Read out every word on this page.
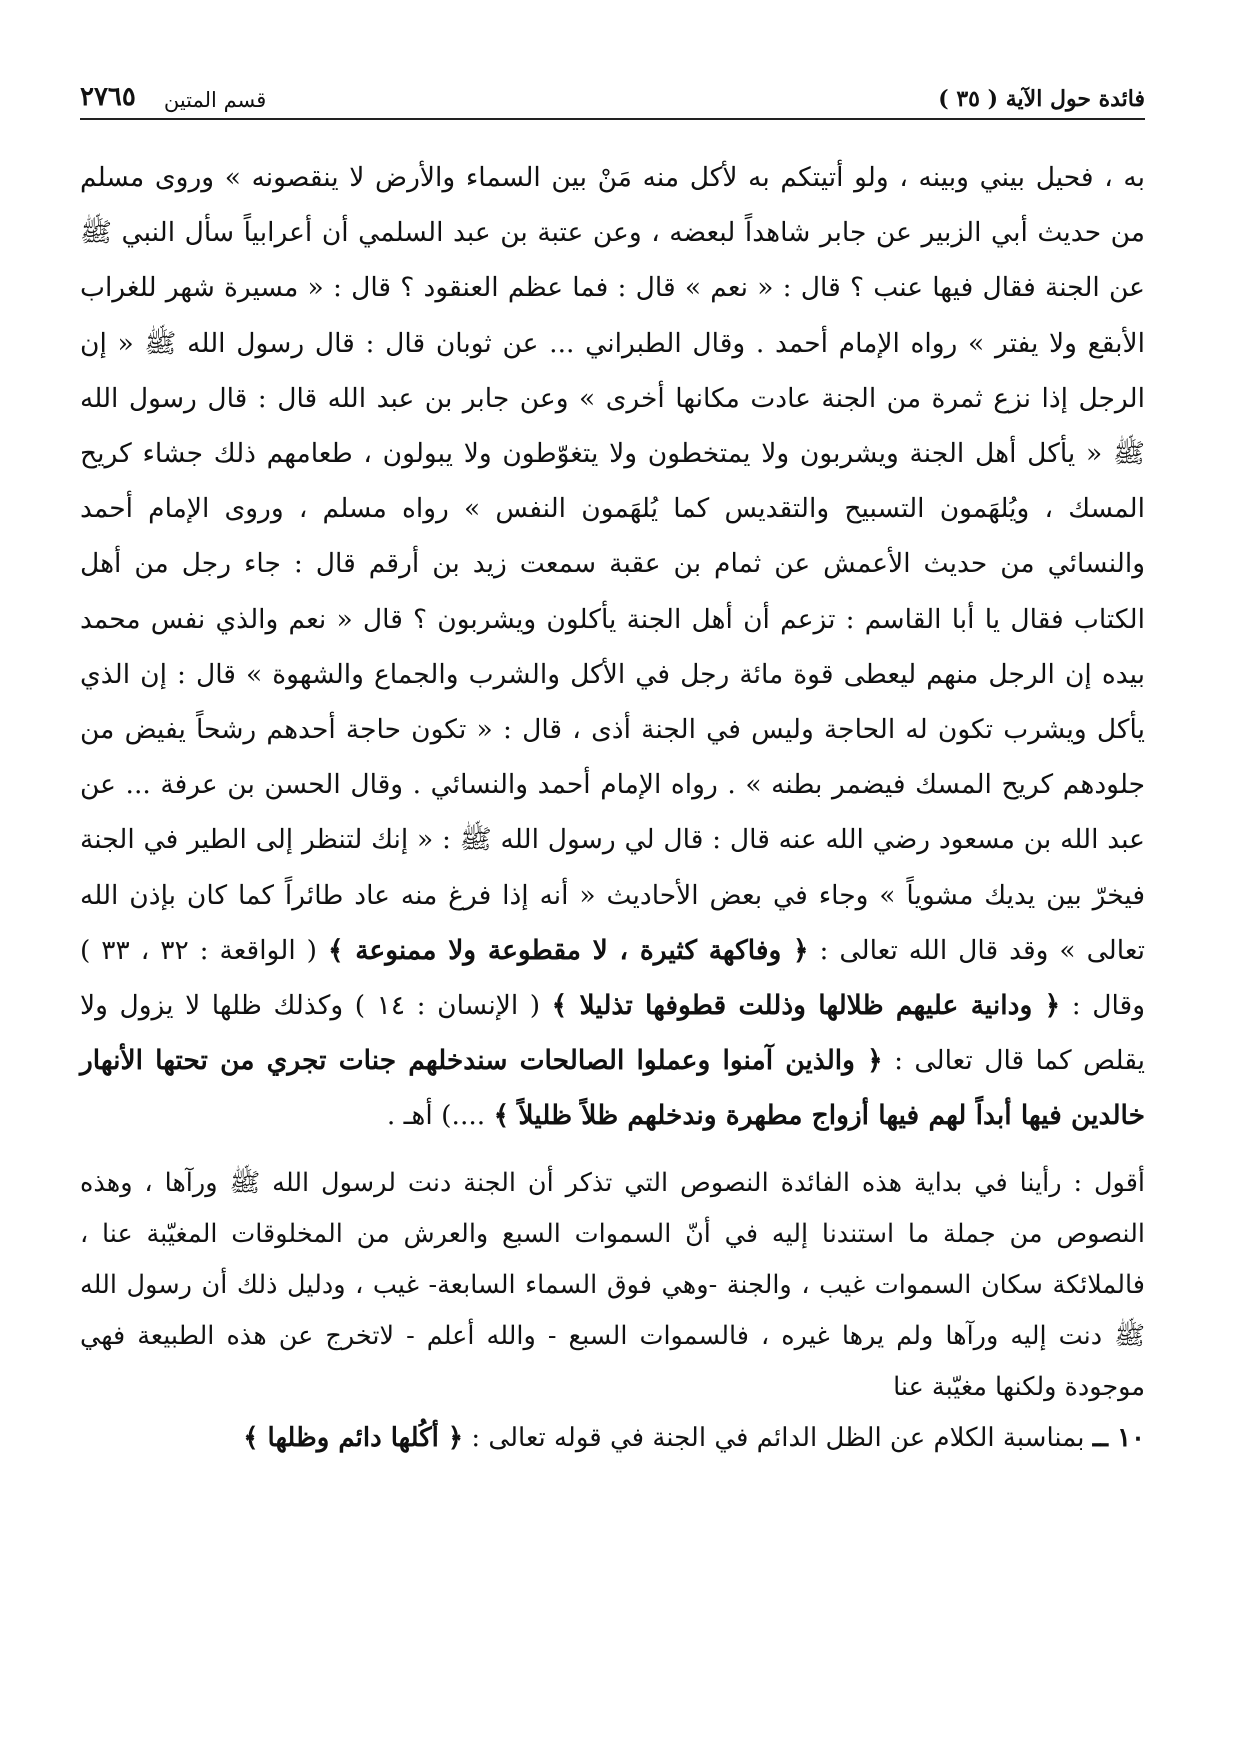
فائدة حول الآية ( ٣٥ )
٢٧٦٥ قسم المتين

به ، فحيل بيني وبينه ، ولو أتيتكم به لأكل منه مَنْ بين السماء والأرض لا ينقصونه » وروى مسلم من حديث أبي الزبير عن جابر شاهداً لبعضه ، وعن عتبة بن عبد السلمي أن أعرابياً سأل النبي ﷺ عن الجنة فقال فيها عنب ؟ قال : « نعم » قال : فما عظم العنقود ؟ قال : « مسيرة شهر للغراب الأبقع ولا يفتر » رواه الإمام أحمد . وقال الطبراني ... عن ثوبان قال : قال رسول الله ﷺ « إن الرجل إذا نزع ثمرة من الجنة عادت مكانها أخرى » وعن جابر بن عبد الله قال : قال رسول الله ﷺ « يأكل أهل الجنة ويشربون ولا يمتخطون ولا يتغوّطون ولا يبولون ، طعامهم ذلك جشاء كريح المسك ، ويُلهَمون التسبيح والتقديس كما يُلهَمون النفس » رواه مسلم ، وروى الإمام أحمد والنسائي من حديث الأعمش عن ثمام بن عقبة سمعت زيد بن أرقم قال : جاء رجل من أهل الكتاب فقال يا أبا القاسم : تزعم أن أهل الجنة يأكلون ويشربون ؟ قال « نعم والذي نفس محمد بيده إن الرجل منهم ليعطى قوة مائة رجل في الأكل والشرب والجماع والشهوة » قال : إن الذي يأكل ويشرب تكون له الحاجة وليس في الجنة أذى ، قال : « تكون حاجة أحدهم رشحاً يفيض من جلودهم كريح المسك فيضمر بطنه » . رواه الإمام أحمد والنسائي . وقال الحسن بن عرفة ... عن عبد الله بن مسعود رضي الله عنه قال : قال لي رسول الله ﷺ : « إنك لتنظر إلى الطير في الجنة فيخرّ بين يديك مشوياً » وجاء في بعض الأحاديث « أنه إذا فرغ منه عاد طائراً كما كان بإذن الله تعالى » وقد قال الله تعالى : ﴿ وفاكهة كثيرة ، لا مقطوعة ولا ممنوعة ﴾ ( الواقعة : ٣٢ ، ٣٣ ) وقال : ﴿ ودانية عليهم ظلالها وذللت قطوفها تذليلا ﴾ ( الإنسان : ١٤ ) وكذلك ظلها لا يزول ولا يقلص كما قال تعالى : ﴿ والذين آمنوا وعملوا الصالحات سندخلهم جنات تجري من تحتها الأنهار خالدين فيها أبداً لهم فيها أزواج مطهرة وندخلهم ظلاً ظليلاً ﴾ ....) أهـ .

أقول : رأينا في بداية هذه الفائدة النصوص التي تذكر أن الجنة دنت لرسول الله ﷺ ورآها ، وهذه النصوص من جملة ما استندنا إليه في أنّ السموات السبع والعرش من المخلوقات المغيّبة عنا ، فالملائكة سكان السموات غيب ، والجنة -وهي فوق السماء السابعة- غيب ، ودليل ذلك أن رسول الله ﷺ دنت إليه ورآها ولم يرها غيره ، فالسموات السبع - والله أعلم - لاتخرج عن هذه الطبيعة فهي موجودة ولكنها مغيّبة عنا

١٠ ــ بمناسبة الكلام عن الظل الدائم في الجنة في قوله تعالى : ﴿ أكُلها دائم وظلها ﴾
